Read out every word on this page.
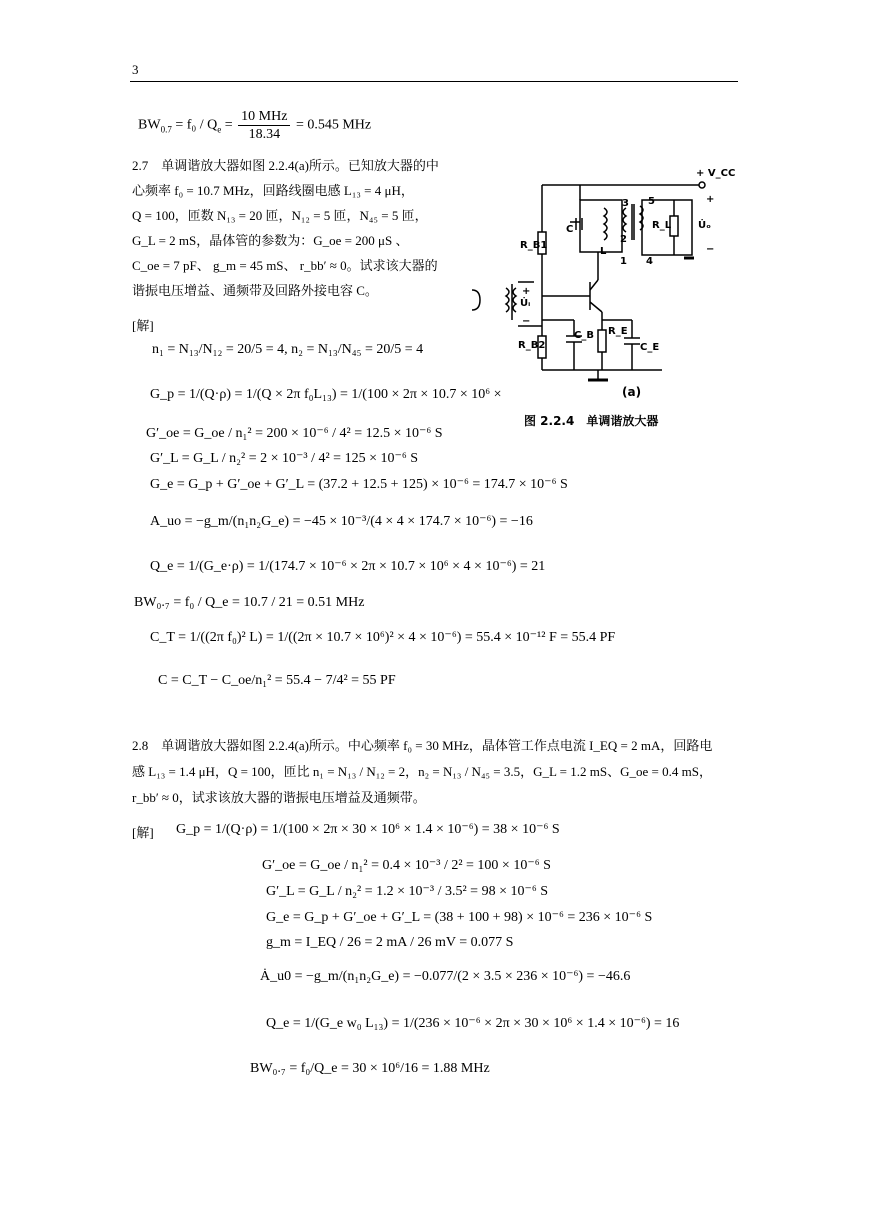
3
$BW_{0.7} = f_0 / Q_e = \frac{\text{10 MHz}}{18.34} = 0.545$ MHz
2.7　单调谐放大器如图 2.2.4(a)所示。已知放大器的中
心频率 f₀ = 10.7 MHz，回路线圈电感 L₁₃ = 4 μH，
Q = 100，匝数 N₁₃ = 20 匝，N₁₂ = 5 匝，N₄₅ = 5 匝，
G_L = 2 mS，晶体管的参数为：G_oe = 200 μS 、
C_oe = 7 pF、 g_m = 45 mS、 r_bb′ ≈ 0。试求该大器的
谐振电压增益、通频带及回路外接电容 C。
[解]
n₁ = N₁₃/N₁₂ = 20/5 = 4, n₂ = N₁₃/N₄₅ = 20/5 = 4
G_p = 1/(Q·ρ) = 1/(Q × 2π f₀L₁₃) = 1/(100 × 2π × 10.7 × 10⁶ ×
G′_oe = G_oe / n₁² = 200 × 10⁻⁶ / 4² = 12.5 × 10⁻⁶ S
G′_L = G_L / n₂² = 2 × 10⁻³ / 4² = 125 × 10⁻⁶ S
G_e = G_p + G′_oe + G′_L = (37.2 + 12.5 + 125) × 10⁻⁶ = 174.7 × 10⁻⁶ S
A_uo = −g_m/(n₁n₂G_e) = −45 × 10⁻³/(4 × 4 × 174.7 × 10⁻⁶) = −16
Q_e = 1/(G_e·ρ) = 1/(174.7 × 10⁻⁶ × 2π × 10.7 × 10⁶ × 4 × 10⁻⁶) = 21
BW₀.₇ = f₀ / Q_e = 10.7 / 21 = 0.51 MHz
C_T = 1/((2π f₀)² L) = 1/((2π × 10.7 × 10⁶)² × 4 × 10⁻⁶) = 55.4 × 10⁻¹² F = 55.4 PF
C = C_T − C_oe/n₁² = 55.4 − 7/4² = 55 PF
+ V_CC
C
L
3
2
1
5
4
R_L	U̇ₒ
+
−
R_B1
R_B2
C_B R_E
C_E
U̇ᵢ
+
−
(a)
图 2.2.4　单调谐放大器
2.8　单调谐放大器如图 2.2.4(a)所示。中心频率 f₀ = 30 MHz，晶体管工作点电流 I_EQ = 2 mA，回路电
感 L₁₃ = 1.4 μH，Q = 100，匝比 n₁ = N₁₃ / N₁₂ = 2，n₂ = N₁₃ / N₄₅ = 3.5，G_L = 1.2 mS、G_oe = 0.4 mS，
r_bb′ ≈ 0，试求该放大器的谐振电压增益及通频带。
[解] G_p = 1/(Q·ρ) = 1/(100 × 2π × 30 × 10⁶ × 1.4 × 10⁻⁶) = 38 × 10⁻⁶ S
G′_oe = G_oe / n₁² = 0.4 × 10⁻³ / 2² = 100 × 10⁻⁶ S
G′_L = G_L / n₂² = 1.2 × 10⁻³ / 3.5² = 98 × 10⁻⁶ S
G_e = G_p + G′_oe + G′_L = (38 + 100 + 98) × 10⁻⁶ = 236 × 10⁻⁶ S
g_m = I_EQ / 26 = 2 mA / 26 mV = 0.077 S
Ȧ_u0 = −g_m/(n₁n₂G_e) = −0.077/(2 × 3.5 × 236 × 10⁻⁶) = −46.6
Q_e = 1/(G_e w₀ L₁₃) = 1/(236 × 10⁻⁶ × 2π × 30 × 10⁶ × 1.4 × 10⁻⁶) = 16
BW₀.₇ = f₀/Q_e = 30 × 10⁶/16 = 1.88 MHz
